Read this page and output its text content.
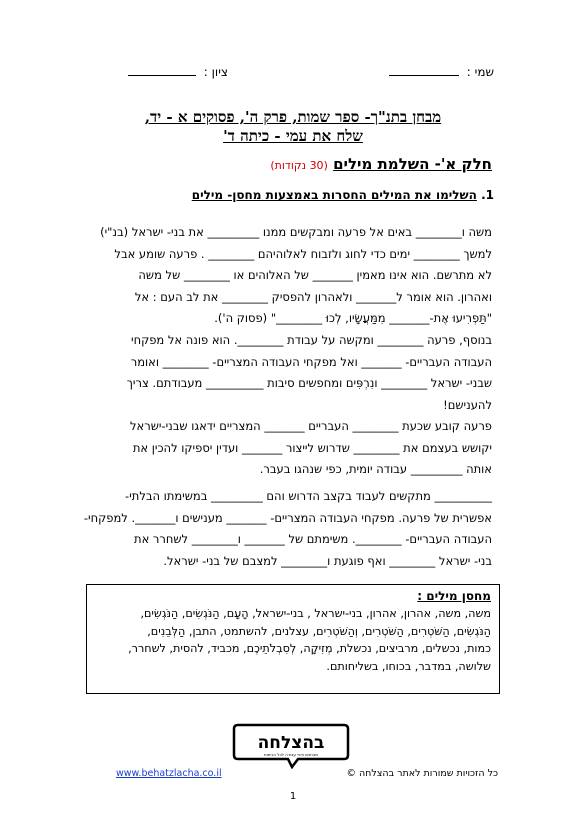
שמי :
ציון :
מבחן בתנ"ך- ספר שמות, פרק ה', פסוקים א - יד,
שלח את עמי - כיתה ד'
חלק א'- השלמת מילים (30 נקודות)
1. השלימו את המילים החסרות באמצעות מחסן- מילים
משה ו________ באים אל פרעה ומבקשים ממנו _________ את בני- ישראל (בנ"י)
למשך ________ ימים כדי לחוג ולזבוח לאלוהיהם ________ . פרעה שומע אבל
לא מתרשם. הוא אינו מאמין _______ של האלוהים או ________ של משה
ואהרון. הוא אומר ל_______ ולאהרון להפסיק ________ את לב העם : אל
"תַּפְרִיעוּ אֶת-_______ מִמַּעֲשָׂיו, לְכוּ ________" (פסוק ה').
בנוסף, פרעה ________ ומקשה על עבודת ________. הוא פונה אל מפקחי
העבודה העבריים- _______ ואל מפקחי העבודה המצריים- ________ ואומר
שבני- ישראל ________ ונִרְפִּים ומחפשים סיבות __________ מעבודתם. צריך
להענישם!
פרעה קובע שכעת ________ העבריים _______ המצריים ידאגו שבני-ישראל
יקושש בעצמם את ________ שדרוש לייצור _______ ועדין יספיקו להכין את
אותה _________ עבודה יומית, כפי שנהגו בעבר.
__________ מתקשים לעבוד בקצב הדרוש והם _________ במשימתו הבלתי-
אפשרית של פרעה. מפקחי העבודה המצריים- _______ מענישים ו_______. למפקחי-
העבודה העבריים- ________. משימתם של _______ ו________ לשחרר את
בני- ישראל ________ ואף פוגעת ו________ למצבם של בני- ישראל.
מחסן מילים :
משה, משה, אהרון, אהרון, בני-ישראל , בני-ישראל, הָעָם, הַנֹּגְשִׂים, הַנֹּגְשִׂים,
הַנֹּגְשִׂים, הַשֹּׁטְרִים, הַשֹּׁטְרִים, וְהַשֹּׁטְרִים, עצלנים, להשתמט, התבן, הַלְּבֵנִים,
כמות, נכשלים, מרביצים, נכשלת, מְזִיקָה, לְסִבְלֹתֵיכֶם, מכביד, להסית, לשחרר,
שלושה, במדבר, בכוחו, בשליחותם.
בהצלחה
מבחנים ודפי עבודה לכל הכיתות
כל הזכויות שמורות לאתר בהצלחה ©
www.behatzlacha.co.il
1
